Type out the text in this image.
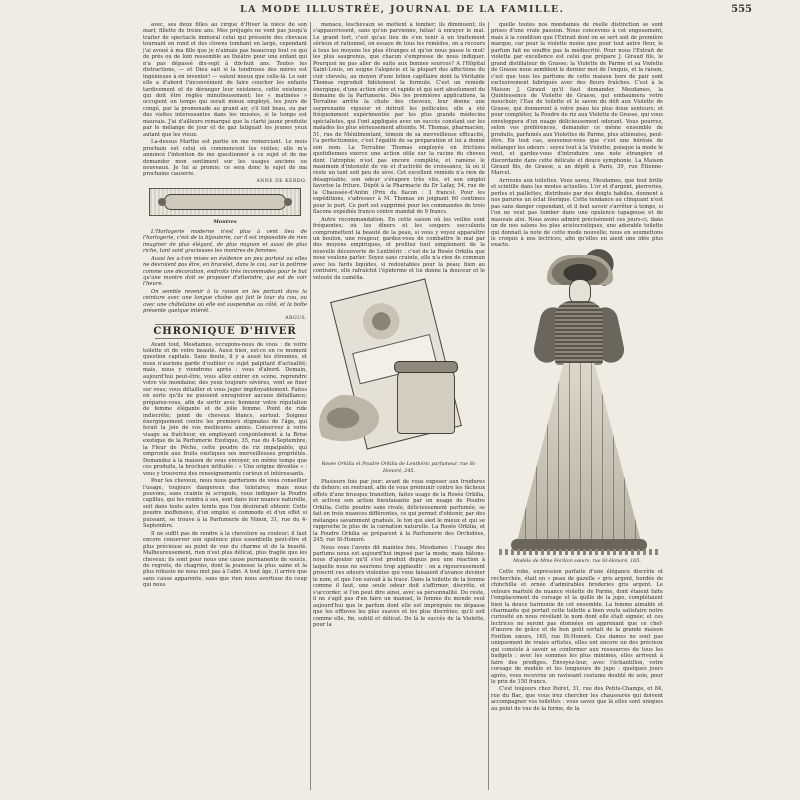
LA MODE ILLUSTRÉE, JOURNAL DE LA FAMILLE.	555

avec, ses deux filles au cirque d'Hiver la nièce de son mari; fillette de treize ans. Mes préjugés ne vont pas jusqu'à traiter de spectacle immoral celui qui présente des chevaux tournant en rond et des clowns tombant en large, cependant j'ai avoué à ma fille que je n'aimais pas beaucoup tout ce qui de près ou de loin ressemble au théâtre pour une enfant qui n'a pas dépassé dix-sept à dix-huit ans. Toutes les distractions, — et Dieu sait si la tendresse des mères est ingénieuse à en inventer! — valent mieux que celle-là. Le soir elle a d'abord l'inconvénient de faire coucher les enfants tardivement et de déranger leur existence, cette existence qui doit être réglée minutieusement; les « matinées » occupent un temps qui serait mieux employé, les jours de congé, par la promenade au grand air, s'il fait beau, ou par des visites intéressantes dans les musées, si le temps est mauvais. J'ai d'ailleurs remarqué que la clarté jaune produite par le mélange de jour et de gaz fatiguait les jeunes yeux autant que les vieux.

La-dessus Marthe est partie en me remerciant. Le mois prochain est celui où commencent les visites; elle m'a annoncé l'intention de me questionner à ce sujet et de me demander mon sentiment sur les usages anciens ou nouveaux. Je lui ai promis; ce sera donc le sujet de ma prochaine causerie.

ANNE DE KERDO.
Montres

L'Horlogerie moderne n'est plus à cent lieu de l'horlogerie, c'est de la bijouterie, car il est impossible de rien imaginer de plus élégant, de plus mignon et aussi de plus riche, tant sont gracieuses les montres de femmes.

Aussi les a-t-on mises en évidence un peu partout où elles ne devraient pas être, en bracelet, dans le cou, sur la poitrine comme une décoration, endroits très incommodes pour le but qu'une montre doit se proposer d'atteindre, qui est de voir l'heure.

On semble revenir à la raison en les portant dans la ceinture avec une longue chaîne qui fait le tour du cou, ou avec une châtelaine où elle est suspendue au côté, et la boîte présente quelque intérêt.

ARGUS.
CHRONIQUE D'HIVER

Avant tout, Mesdames, occupons-nous de vous : de votre toilette et de votre beauté. Aussi bien, est-ce en ce moment question capitale. Sans doute, il y a aussi les étrennes, et nous n'aurions garde d'oublier ce sujet palpitant d'actualité; mais, nous y viendrons après : vous d'abord. Demain, aujourd'hui peut-être, vous allez entrer en scène, reprendre votre vie mondaine; des yeux toujours sévères, vont se fixer sur vous; vous détailler et vous juger impitoyablement. Faites en sorte qu'ils ne puissent enregistrer aucune défaillance; préparez-vous, afin de sortir avec honneur votre réputation de femme élégante et de jolie femme. Point de ride indiscrète; point de cheveux blancs, surtout. Soignez énergiquement contre les premiers stigmates de l'âge, qui ferait la joie de vos meilleures amies. Conservez à votre visage sa fraîcheur, en employant conjointement à la Brise exotique de la Parfumerie Exotique, 35, rue du 4-Septembre, la Fleur de Pêche, cette poudre de riz impalpable, qui emprunte aux fruits exotiques ses merveilleuses propriétés. Demandez à la maison de vous envoyer, en même temps que ces produits, la brochure intitulée : « Une origine dévoilée » : vous y trouverez des renseignements curieux et intéressants.

Pour les cheveux, nous nous garderions de vous conseiller l'usage, toujours dangereux des teintures; mais nous pouvons, sans crainte ni scrupule, vous indiquer la Poudre capillus, qui les rendra à ses, sont dans leur nuance naturelle, soit dans toute autre teinte que l'on désirerait obtenir. Cette poudre inoffensive, d'un emploi si commode et d'un effet si puissant, se trouve à la Parfumerie de Ninon, 31, rue du 4-Septembre.

Il ne suffit pas de rendre à la chevelure sa couleur; il faut encore conserver son opulence plus essentielle peut-être et plus précieuse au point de vue du charme et de la beauté. Malheureusement, rien n'est plus délicat, plus fragile que les cheveux; ils sont pour nous une cause permanente de soucis, de regrets, de chagrins, dont la jeunesse la plus saine et la plus robuste ne nous met pas à l'abri. A tout âge, il arrive que sans cause apparente, sans que rien nous avertisse du coup qui nous

menace, leschevaux se mettent à tomber; ils diminuent; ils s'appauvrissent, sans qu'on parvienne, hélas! à enrayer le mal. Le grand tort, c'est qu'au lieu de s'en tenir à un traitement sérieux et rationnel, on essaye de tous les remèdes, on a recours à tous les moyens les plus étranges et qu'on nous passe le mot! les plus saugrenus, que chacun s'empresse de nous indiquer. Pourquoi ne pas aller de suite aux bonnes sources? A l'Hôpital Saint-Louis, on soigne l'alopécie et la plupart des affections du cuir chevelu, au moyen d'une lotion capillaire dont la Véritable Thomas reproduit fidèlement la formule. C'est un remède énergique, d'une action sûre et rapide et qui sert absolument du domaine de la Parfumerie. Dès les premières applications, la Terraline arrête la chute des cheveux, leur donne une surprenante vigueur et détruit les pellicules; elle a été fréquemment expérimentée par les plus grands médecins spécialistes, qui l'ont appliquée avec un succès constant sur les malades les plus sérieusement atteints. M. Thomas, pharmacien, 51, rue de Ménilmontant, témoin de sa merveilleuse efficacité, l'a perfectionnée, c'est l'égalité de sa préparation et lui a donné son nom. La Terraline Thomas employée en frictions quotidiennes exerce une action utile sur la racine du cheveu dont l'atrophie n'est pas encore complète, et ramène le maximum d'intensité de vie et d'activité de croissance, là où il reste un tant soit peu de sève. Cet excellent remède n'a rien de désagréable; son odeur s'évapore très vite, et son emploi favorise la friture. Dépôt à la Pharmacie du Dr Lafay, 54, rue de la Chaussée-d'Antin (Prix du flacon : 3 francs). Pour les expéditions, s'adresser à M. Thomas en joignant 60 centimes pour le port. Ce port est supprimé pour les commandes de trois flacons expédiés franco contre mandat de 9 francs.

Autre recommandation. En cette saison où les veilles sont fréquentes; où les dîners et les soupers succulents compromettent la beauté de la peau, si vous y voyez apparaître un bouton, une rougeur, gardez-vous de combattre le mal par des moyens empiriques, et prolitez tout simplement de la nouvelle découverte de Lenthéric : c'est de la Rosée Orkilia que nous voulons parler. Soyez sans crainte, elle n'a rien de commun avec les fards liquides, si redoutables pour la peau; bien au contraire, elle rafraîchit l'épiderme et lui donne la douceur et le velouté du camélia.

Rosée Orkilia et Poudre Orkilia de Lenthéric parfumeur, rue St-Honoré, 245.

Plusieurs fois par jour; avant de vous exposer aux froidures du dehors; en rentrant, afin de vous prémunir contre les fâcheux effets d'une brusque transition, faites usage de la Rosée Orkilia, et activez son action bienfaisante par un nuage de Poudre Orkilia. Cette poudre sans rivale, délicieusement parfumée, se fait en trois nuances différentes, ce qui permet d'obtenir, par des mélanges savamment gradués, le ton qui sied le mieux et qui se rapproche le plus de la carnation naturelle. La Rosée Orkilia, et la Poudre Orkilia se préparent à la Parfumerie des Orchidées, 245, rue St-Honoré.

Nous vous l'avons dit maintes fois, Mesdames : l'usage des parfums nous est aujourd'hui imposé par la mode; mais hâtons-nous d'ajouter qu'il s'est produit depuis peu une réaction à laquelle nous ne saurions trop applaudir : on a rigoureusement proscrit ces odeurs violentes qui vous faisaient d'avance deviner le nom, et que l'on suivait à la trace. Dans la toilette de la femme comme il faut, une seule odeur doit s'affirmer, discrète, et s'accorder, si l'on peut dire ainsi, avec sa personnalité. Du reste, il ne s'agit pas d'en faire un manuel, le femme du monde veut aujourd'hui que le parfum dont elle est imprégnée ne dépasse que les effluves les plus suaves et les plus discrètes; qu'il soit comme elle, fin, subtil et délicat. De là le succès de la Violette, pour la

quelle toutes nos mondaines de réelle distinction se sont prises d'une vraie passion. Nous concevons à cet engouement, mais à la condition que l'Extrait dont on se sert soit de première marque, car pour la violette moins que pour tout autre fleur, le parfum fait ne souffre pas la médiocrité. Pour nous l'Extrait de violette par excellence est celui que prépare J. Giraud fils, le grand distillateur de Grasse; la Violette de Parme et sa Violette de Grasse nous semblent le dernier mot de l'exquis, et la raison, c'est que tous les parfums de cette maison hors de pair sont exclusivement fabriqués avec des fleurs fraîches. C'est à la Maison J. Giraud qu'il faut demander, Mesdames, la Quintessence de Violette de Grasse, qui embaumera votre mouchoir; l'Eau de toilette et le savon du défi aux Violette de Grasse, qui donneront à votre peau les plus doux senteurs; et pour compléter, la Poudre de riz aux Violette de Grasse, qui vous enveloppera d'un nuage délicieusement odorant. Vous pourrez, selon vos préférences, demander ce même ensemble de produits, parfumés aux Violettes de Parme, plus atténuées, peut-être. En tout cas, souvenez-vous que c'est une hérésie de mélanger les odeurs : soyez tout à la Violette, puisque la mode le veut, et gardez-vous d'introduire une note étrangère et discordante dans cette délicate et douce symphonie. La Maison Giraud fils, de Grasse, a un dépôt à Paris, 39, rue Étienne-Marcel.

Arrivons aux toilettes. Vous savez, Mesdames, que tout brille et scintille dans les modes actuelles. L'or et d'argent, pierreries, perles et paillettes, distribués par des doigts habiles, donnent à nos parures un éclat féerique. Cette tendance au clinquant n'est pas sans danger cependant, et il faut savoir s'arrêter à temps, si l'on ne veut pas tomber dans une opulence tapageuse et de mauvais aloi. Nous avons admiré précisément ces jours-ci, dans un de nos salons les plus aristocratiques, une adorable toilette qui donnait la note de cette mode nouvelle; nous en soumettons le croquis à nos lectrices, afin qu'elles en aient une idée plus exacte.

Modèle de Mme Forillon sœurs, rue St-Honoré, 165.

Cette robe, expression parfaite d'une élégance discrète et recherchée, était en « peau de gazelle » gris argent, bordée de chinchilla et ornée d'admirables broderies gris argent. Le velours martelé de nuance violette de Parme, dont étaient faite l'emplacement du corsage et la quille de la jupe, complétaient bien la douce harmonie de cet ensemble. La femme aimable et charmante qui portait cette toilette a bien voulu satisfaire notre curiosité en nous révélant le nom dont elle était signée; et ces lectrices ne seront pas étonnées en apprenant que ce chef-d'œuvre de grâce et de bon goût sortait de la grande maison Forillon sœurs, 165, rue St-Honoré. Ces dames ne sont pas uniquement de vraies artistes, elles ont encore un des précieux qui consiste à savoir se conformer aux ressources de tous les budgets : avec les sommes les plus minimes, elles arrivent à faire des prodiges. Envoyez-leur, avec l'échantillon, votre corsage de modèle et les longueurs de jupe : quelques jours après, vous recevrez un ravissant costume doublé de soie, pour le prix de 150 francs.

C'est toujours chez Poiret, 31, rue des Petits-Champs, et 84, rue du Bac, que vous irez chercher les chaussures qui doivent accompagner vos toilettes : vous savez que là elles sont uniques au point de vue de la forme, de la
